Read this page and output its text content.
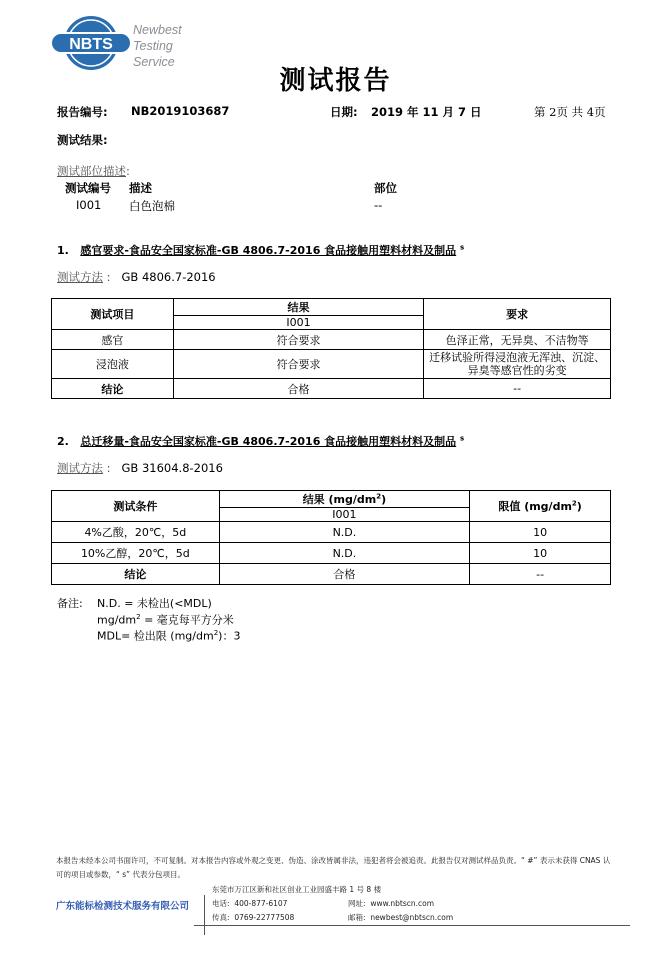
NBTS
Newbest
Testing
Service
测试报告
报告编号: NB2019103687	日期: 2019 年 11 月 7 日	第 2页 共 4页
测试结果:
测试部位描述:
测试编号 描述	部位
I001 白色泡棉	--
1. 感官要求-食品安全国家标准-GB 4806.7-2016 食品接触用塑料材料及制品 $^s$
测试方法 : GB 4806.7-2016
测试项目	结果	要求
	I001	
感官	符合要求	色泽正常，无异臭、不洁物等
浸泡液	符合要求	迁移试验所得浸泡液无浑浊、沉淀、异臭等感官性的劣变
结论	合格	--
2. 总迁移量-食品安全国家标准-GB 4806.7-2016 食品接触用塑料材料及制品 $^s$
测试方法 : GB 31604.8-2016
测试条件	结果 $(mg/dm^2)$	限值 $(mg/dm^2)$
	I001	
4%乙酸，20℃，5d	N.D.	10
10%乙醇，20℃，5d	N.D.	10
结论	合格	--
备注: N.D. = 未检出(<MDL)
$mg/dm^2$ = 毫克每平方分米
MDL= 检出限 $(mg/dm^2)$：3
本报告未经本公司书面许可，不可复制。对本报告内容或外观之变更、伪造、涂改皆属非法，违犯者将会被追责。此报告仅对测试样品负责。“ #” 表示未获得 CNAS 认可的项目或参数，“ s” 代表分包项目。
广东能标检测技术服务有限公司
东莞市万江区新和社区创业工业园盛丰路 1 号 8 楼
电话: 400-877-6107
传真: 0769-22777508
网址: www.nbtscn.com
邮箱: newbest@nbtscn.com
